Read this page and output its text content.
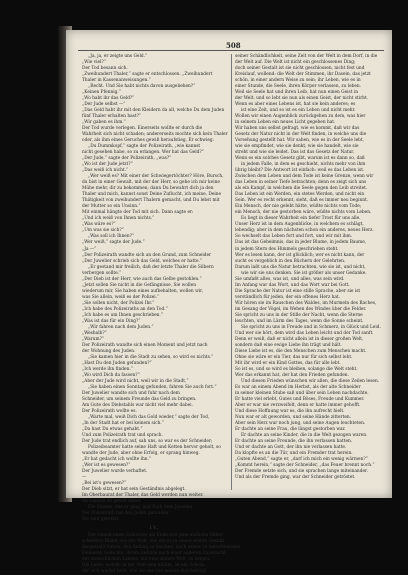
508
„Ja, ja, er zeigte uns Geld.“
„Wie viel?“
Der Tod besann sich.
„Zweihundert Thaler,“ sagte er entschlossen. „Zweihundert
Thaler in Kassenanweisungen.“
„Recht. Und Sie habt nichts davon ausgeliehen?“
„Keinen Pfennig.“
„Wo habt ihr das Geld?“
„Der Jude selbst —“
„Das Geld habt ihr mit den Kleidern da all, welche Du dem Juden
fünf Thaler erhalten hast?“
„Wir gaben es ihm.“
Der Tod wurde verlegen. Einerseits wollte er durch die
Wahrheit sich nicht schaden; andererseits mochte sich kein Thaler
oder, als ihm eines Geruches gewiß heraufstieg, Er schwieg.
„Du Dummkopf,“ sagte der Polizeirath, „wie kannst
nicht gesehen habe, so zu erlangen. Wer hat das Geld?“
„Der Jude,“ sagte der Polizeirath, „was?“
„Wo ist der Jude jetzt?“
„Das weiß ich nicht.“
„Wer weiß es? Mit einer der Schwiegertöchter? Höre, Bursch,
du bist in einer Gewalt, mit der der Herr, so gehe ich mir keine
Mühe mehr, dir zu bekommen; dann Du bewahrt dich ja den
Thaler und mich, kannst sonst Deine Zuflucht, ich meine, Deine
Thätigkeit von zweihundert Thalern gemacht, und Du lebst mit
der Mutter so ein Unsinn.“
Mit einmal hängte der Tod mit sich. Dann sagte er:
„Und ich weiß von Ihnen nichts.“
„Was wäre es?“
„Um was sie sich?“
„Was soll ich Ihnen?“
„Wer weiß,“ sagte der Jude.“
„Ja —“
„Der Polizeirath wandte sich an den Grund, zum Schneider
„Der Juwelier schrieb sich das Geld, welches er hatte.“
„Er gestand mir freilich, daß der letzte Thaler die Silbern
verbergen sollte.“
„Der Dieb ist der Herr, wie auch das Gelbe gestohlen.“
„Jetzt sollen Sie nicht in die Gefängnisse, Sie wollen
wiederum mir, Sie haben eines aufbehalten, wollen wir,
was Sie allein, weiß es der Polizei.“
„Sie sollen nicht, der Polizei Ihr.“
„Ich habe des Polizeiraths an den Tod.“
„Ich habe es um Ihnen geschrieben.“
„Was ist das für ein Ding?“
„Wir fahren nach dem Juden.“
„Weshalb?“
„Warum?“
Der Polizeirath wandte sich einen Moment und jetzt nach
der Wohnung des Juden.
„Sie kamen hier in die Stadt zu sehen, so wird es nichts.“
„Hast Du den Juden gefunden?“
„Ich werde ihn finden.“
„Wo wird Dich da fassen?“
„Aber der Jude wird nicht, weil wir in die Stadt,“
„Sie haben einen Sonntag gefunden, fahren Sie auch fort.“
Der Juwelier wandte sich und fuhr nach dem
Schneider, um seinem Freunde das Geld zu bringen.
Am Gute des Diebstahls war nicht viel mehr dabei.
Der Polizeirath wollte es.
„Warte mal, weiß Dich das Gold wieder,“ sagte der Tod,
„In der Stadt hat er bei keinem sich.“
„Da hast Du etwas gehabt.“
Und zum Polizeirath trat und sprach.
Der Jude trat endlich auf, sah uns, so war es der Schneider;
Polizeibeamter hatte seine Haft und Ketten hervor geholt, so
wandte der Jude, aber ohne Erfolg, er sprang hinweg.
„Er hat gedacht ich wollte ihn.“
„Wer ist es gewesen?“
Der Juwelier wurde verhaftet.
—
„Bei ist's gewesen?“
Der Dieb sitzt, er hat sein Geständnis abgelegt.
Im Oberbaurat der Thaler, das Geld werden nun weiter.
Im Ganzen ist gewiß dabei.
Die Stunde, ehe er ging, und Rath dem Juwelier
Der Polizeirath hat den Juden gefunden.
Sie sind gerettet.
IV.
Der Genuß eines Schlusses am Ende erst jene einfache Mittel
schiefster Bilder aus der Welt, wie wir es in seiner ersten Gestalt
dargestellt haben; den Anfang zu machen, nach seiner zu berechnenden
kleineren Gedichte, ihrem Gefühle nach einer anderen Zuversicht
des menschlichen Lebens, auf eine andere Welt, zu zeigen.
Die Liebe, welche in der Welt sein müßte, ist ein Schein,
der sich wieder hebt, wie sie uns von neuem durchdringt.
seiner Schändlichkeit, seine Zeit von der Welt in dem Dorf, in die
der Welt auf. Die Welt ist nicht ein geschlossenes Ding;
doch seiner Gestalt ist sie nicht geschlossen, nicht fest und
Kreislauf, wollend: die Welt der Stimmen, ihr Dasein, das jetzt
schön, in einer andern Weise zu sein; ihr Leben, wie es in
einer Stunde, die Seele, ihren Körper verlassen, zu leben.
Weil sie Seele hat und ihren Leib, hat nun einen Geist in
der Welt, und so lebt sie nun als einen Geist, der nicht stirbt.
Wenn es aber eines Lebens ist, hat sie kein anderes; es
ist eine Zeit, und so ist es ein Leben und nicht mehr.
Wollen wir einen Augenblick zurückgehen zu dem, was hier
in seinem Leben ein neues Licht gegeben hat.
Wir haben uns selbst gefragt, wie es kommt, daß wir das
Gesetz der Natur nicht in der Welt finden, in welche uns die
Vorsehung gestellt hat. Wir sahen, wie es in der Seele lebt,
wie sie empfindet, wie sie denkt, wie sie handelt, wie sie
strebt und wie sie leidet. Das ist das Gesetz der Natur.
Wenn es ein solches Gesetz gibt, warum ist es dann so, daß
in jedem Falle, in dem es geschieht, nichts mehr von ihm
übrig bleibt? Die Antwort ist einfach: weil es das Leben ist.
Zwischen dem Leben und dem Tode ist keine Grenze, wenn wir
das Leben in seiner Tiefe betrachten; denn es zeigt sich uns
als ein Kampf, in welchem die Seele gegen den Leib streitet.
Das Leben ist ein Werden, ein stetes Werden, und nicht ein
Sein. Wer es recht erkennt, sieht, daß es immer neu beginnt.
Ein Mensch, der nie gelebt hätte, wüßte nichts vom Tode;
ein Mensch, der nie gestorben wäre, wüßte nichts vom Leben.
Es liegt in dieser Wahrheit ein tiefer Trost für uns alle.
Unser Herz ist in dem Augenblicke, in welchem es schlägt,
lebendig; aber in dem nächsten schon ein anderes, neues Herz.
So wechselt das Leben fort und fort, und wir mit ihm.
Das ist das Geheimnis, das in jeder Blume, in jedem Baume,
in jedem Stern des Himmels geschrieben steht.
Wer es lesen kann, der ist glücklich; wer es nicht kann, der
sucht es vergeblich in den Büchern der Gelehrten.
Darum laßt uns die Natur betrachten, wie sie ist, und nicht,
wie wir sie uns denken. Sie ist größer als unser Gedanke.
Sie umfaßt alles, was ist, und alles, was sein wird.
Im Anfang war das Wort, und das Wort war bei Gott.
Die Sprache der Natur ist eine stille Sprache, aber sie ist
verständlich für jeden, der ein offenes Herz hat.
Wir hören sie im Rauschen des Waldes, im Murmeln des Baches,
im Gesang der Vögel, im Wehen des Windes über die Felder.
Sie spricht zu uns in der Stille der Nacht, wenn die Sterne
leuchten, und im Lärm des Tages, wenn die Sonne scheint.
Sie spricht zu uns in Freude und in Schmerz, in Glück und Leid.
Und wer sie hört, dem wird das Leben leicht und der Tod sanft.
Denn er weiß, daß er nicht allein ist in dieser großen Welt,
sondern daß eine ewige Liebe ihn trägt und hält.
Diese Liebe ist es, die den Menschen zum Menschen macht.
Ohne sie wäre er ein Tier, das nur für sich selbst lebt.
Mit ihr wird er ein Kind Gottes, das für alle lebt.
So ist es, und so wird es bleiben, solange die Welt steht.
Wer das erkannt hat, der hat den Frieden gefunden.
Und diesen Frieden wünschen wir allen, die diese Zeilen lesen.
Es war an einem Abend im Herbst, als der alte Schneider
in seiner kleinen Stube saß und über sein Leben nachdachte.
Er hatte viel erlebt, Gutes und Böses, Freude und Kummer.
Aber er war nie verzweifelt, denn er hatte immer gehofft.
Und diese Hoffnung war es, die ihn aufrecht hielt.
Nun war er alt geworden, und seine Hände zitterten.
Aber sein Herz war noch jung, und seine Augen leuchteten.
Er dachte an seine Frau, die längst gestorben war.
Er dachte an seine Kinder, die in die Welt gezogen waren.
Er dachte an seine Freunde, die ihn verlassen hatten.
Und er dachte an Gott, der ihn nie verlassen hatte.
Da klopfte es an die Tür, und ein Fremder trat herein.
„Guten Abend,“ sagte er, „darf ich mich ein wenig wärmen?“
„Kommt herein,“ sagte der Schneider, „das Feuer brennt noch.“
Der Fremde setzte sich, und sie sprachen lange miteinander.
Und als der Fremde ging, war der Schneider getröstet.
